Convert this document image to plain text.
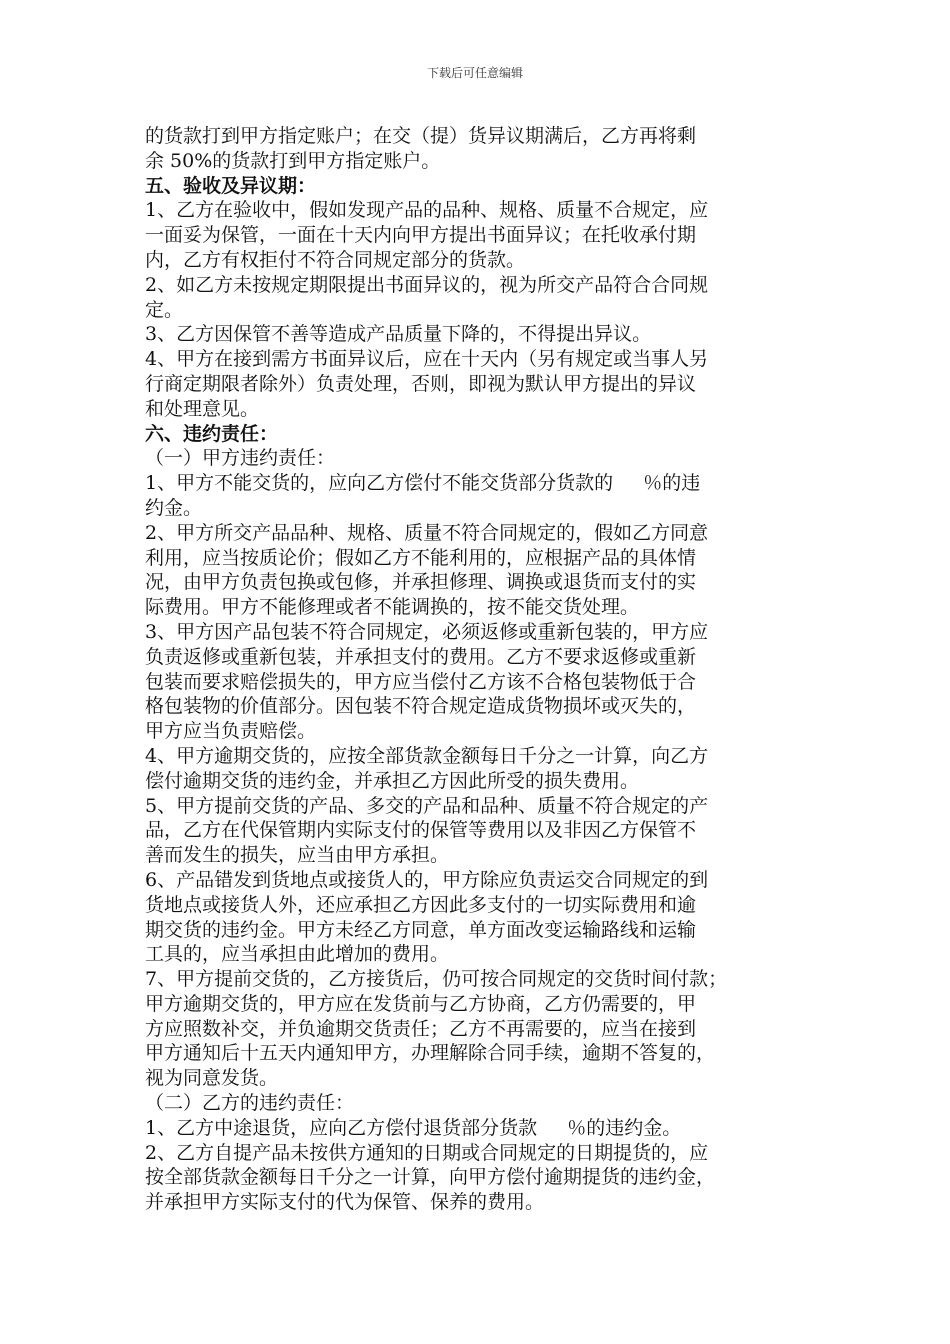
下载后可任意编辑
的货款打到甲方指定账户；在交（提）货异议期满后，乙方再将剩
余 50%的货款打到甲方指定账户。
五、验收及异议期：
1、乙方在验收中，假如发现产品的品种、规格、质量不合规定，应
一面妥为保管，一面在十天内向甲方提出书面异议；在托收承付期
内，乙方有权拒付不符合同规定部分的货款。
2、如乙方未按规定期限提出书面异议的，视为所交产品符合合同规
定。
3、乙方因保管不善等造成产品质量下降的，不得提出异议。
4、甲方在接到需方书面异议后，应在十天内（另有规定或当事人另
行商定期限者除外）负责处理，否则，即视为默认甲方提出的异议
和处理意见。
六、违约责任：
（一）甲方违约责任：
1、甲方不能交货的，应向乙方偿付不能交货部分货款的     ％的违
约金。
2、甲方所交产品品种、规格、质量不符合同规定的，假如乙方同意
利用，应当按质论价；假如乙方不能利用的，应根据产品的具体情
况，由甲方负责包换或包修，并承担修理、调换或退货而支付的实
际费用。甲方不能修理或者不能调换的，按不能交货处理。
3、甲方因产品包装不符合同规定，必须返修或重新包装的，甲方应
负责返修或重新包装，并承担支付的费用。乙方不要求返修或重新
包装而要求赔偿损失的，甲方应当偿付乙方该不合格包装物低于合
格包装物的价值部分。因包装不符合规定造成货物损坏或灭失的，
甲方应当负责赔偿。
4、甲方逾期交货的，应按全部货款金额每日千分之一计算，向乙方
偿付逾期交货的违约金，并承担乙方因此所受的损失费用。
5、甲方提前交货的产品、多交的产品和品种、质量不符合规定的产
品，乙方在代保管期内实际支付的保管等费用以及非因乙方保管不
善而发生的损失，应当由甲方承担。
6、产品错发到货地点或接货人的，甲方除应负责运交合同规定的到
货地点或接货人外，还应承担乙方因此多支付的一切实际费用和逾
期交货的违约金。甲方未经乙方同意，单方面改变运输路线和运输
工具的，应当承担由此增加的费用。
7、甲方提前交货的，乙方接货后，仍可按合同规定的交货时间付款；
甲方逾期交货的，甲方应在发货前与乙方协商，乙方仍需要的，甲
方应照数补交，并负逾期交货责任；乙方不再需要的，应当在接到
甲方通知后十五天内通知甲方，办理解除合同手续，逾期不答复的，
视为同意发货。
（二）乙方的违约责任：
1、乙方中途退货，应向乙方偿付退货部分货款     ％的违约金。
2、乙方自提产品未按供方通知的日期或合同规定的日期提货的，应
按全部货款金额每日千分之一计算，向甲方偿付逾期提货的违约金，
并承担甲方实际支付的代为保管、保养的费用。
